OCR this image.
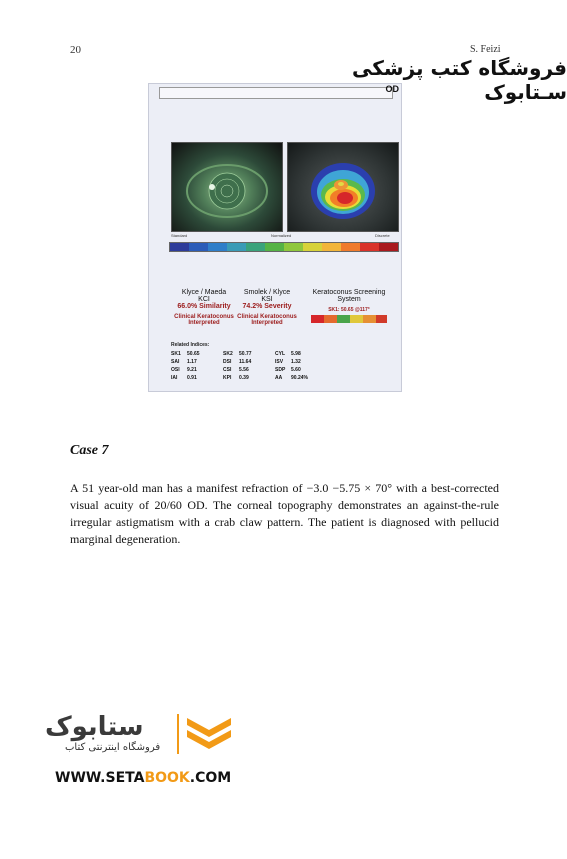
20	S. Feizi
فروشگاه کتب پزشکی سـتابوک
OD
Standard	Normalized	Discrete
Klyce / Maeda
KCI
66.0% Similarity
Clinical Keratoconus Interpreted
Smolek / Klyce
KSI
74.2% Severity
Clinical Keratoconus Interpreted
Keratoconus Screening System
SK1: 50.65 @117°
Related Indices:
SK1	50.65	SK2	50.77	CYL	5.98
SAI	1.17	DSI	11.64	ISV	1.32
OSI	9.21	CSI	5.56	SDP	5.60
IAI	0.91	KPI	0.39	AA	90.24%
Case 7
A 51 year-old man has a manifest refraction of −3.0 −5.75 × 70° with a best-corrected visual acuity of 20/60 OD. The corneal topography demonstrates an against-the-rule irregular astigmatism with a crab claw pattern. The patient is diagnosed with pellucid marginal degeneration.
ستابوک
فروشگاه اینترنتی کتاب
WWW.SETABOOK.COM
